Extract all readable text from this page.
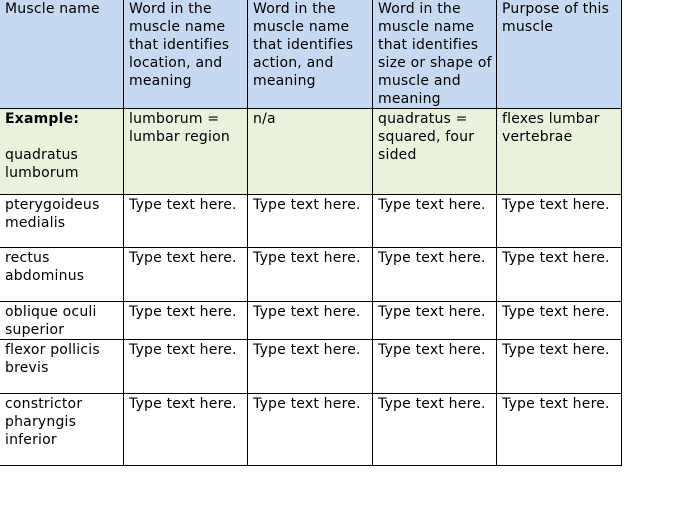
Muscle name	Word in the muscle name that identifies location, and meaning	Word in the muscle name that identifies action, and meaning	Word in the muscle name that identifies size or shape of muscle and meaning	Purpose of this muscle

Example:
quadratus lumborum	lumborum = lumbar region	n/a	quadratus = squared, four sided	flexes lumbar vertebrae
pterygoideus medialis	Type text here.	Type text here.	Type text here.	Type text here.
rectus abdominus	Type text here.	Type text here.	Type text here.	Type text here.
oblique oculi superior	Type text here.	Type text here.	Type text here.	Type text here.
flexor pollicis brevis	Type text here.	Type text here.	Type text here.	Type text here.
constrictor pharyngis inferior	Type text here.	Type text here.	Type text here.	Type text here.
